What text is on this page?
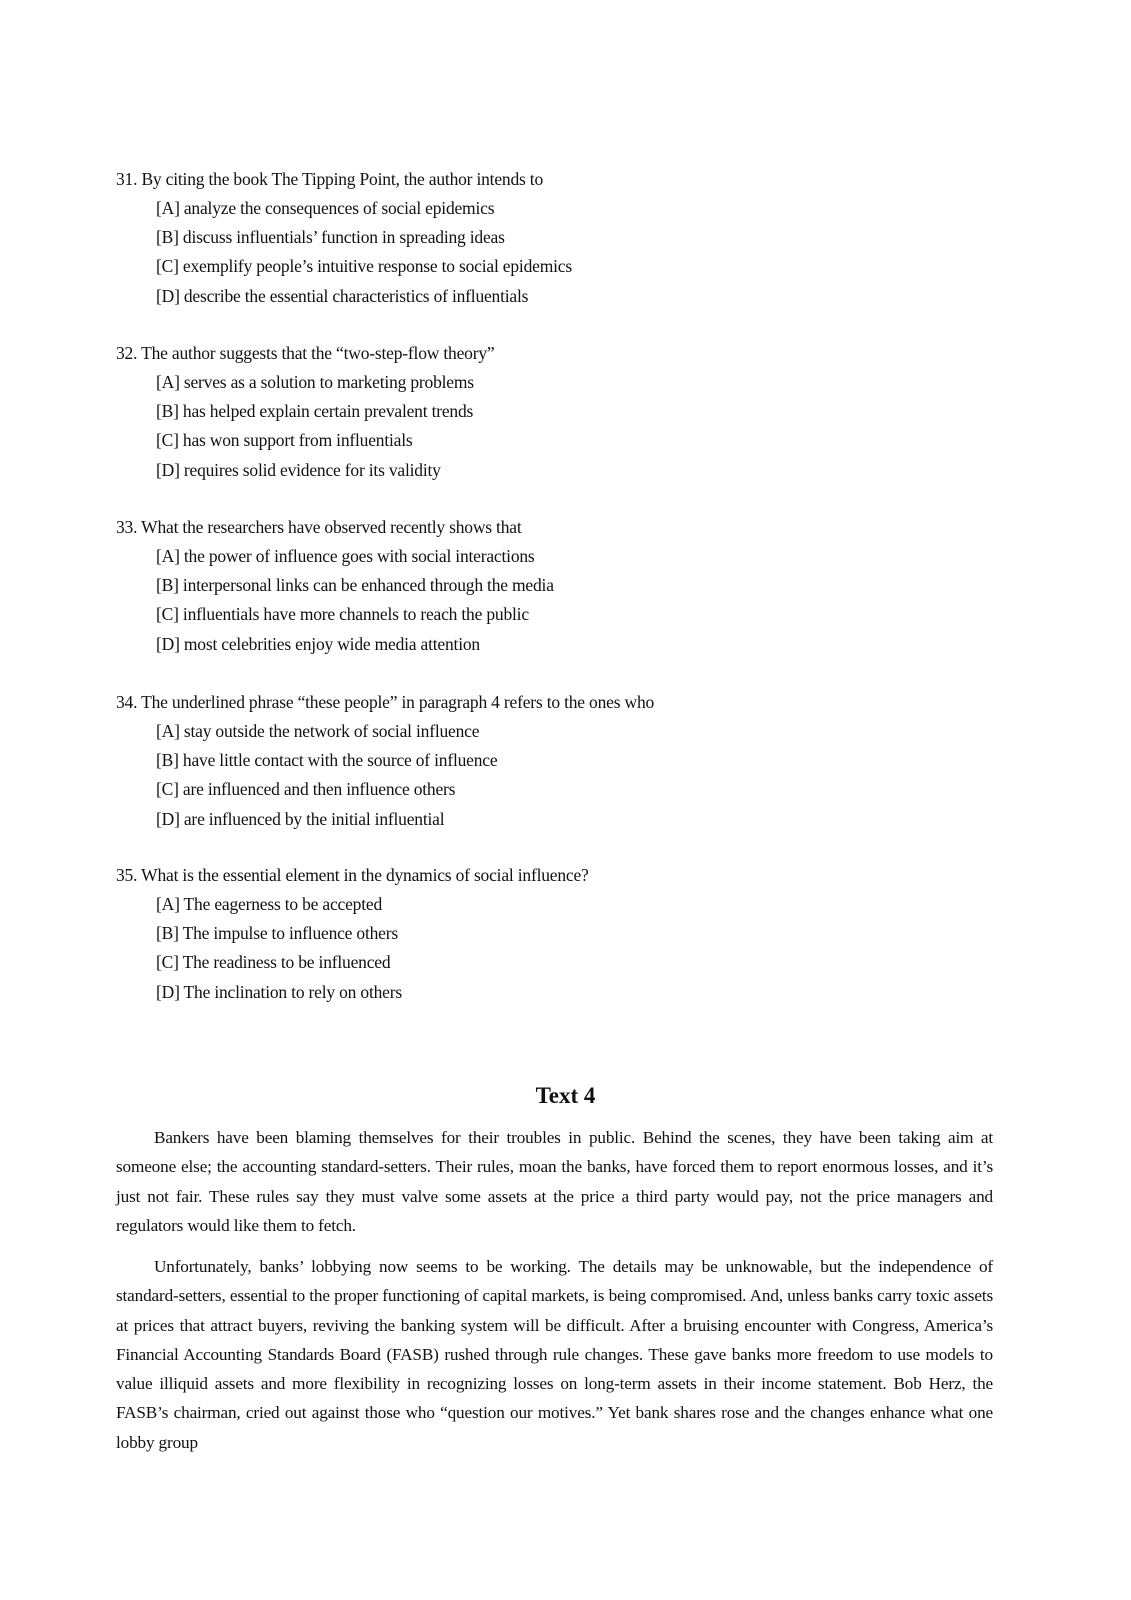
31. By citing the book The Tipping Point, the author intends to
[A] analyze the consequences of social epidemics
[B] discuss influentials’ function in spreading ideas
[C] exemplify people’s intuitive response to social epidemics
[D] describe the essential characteristics of influentials
32. The author suggests that the “two-step-flow theory”
[A] serves as a solution to marketing problems
[B] has helped explain certain prevalent trends
[C] has won support from influentials
[D] requires solid evidence for its validity
33. What the researchers have observed recently shows that
[A] the power of influence goes with social interactions
[B] interpersonal links can be enhanced through the media
[C] influentials have more channels to reach the public
[D] most celebrities enjoy wide media attention
34. The underlined phrase “these people” in paragraph 4 refers to the ones who
[A] stay outside the network of social influence
[B] have little contact with the source of influence
[C] are influenced and then influence others
[D] are influenced by the initial influential
35. What is the essential element in the dynamics of social influence?
[A] The eagerness to be accepted
[B] The impulse to influence others
[C] The readiness to be influenced
[D] The inclination to rely on others
Text 4

Bankers have been blaming themselves for their troubles in public. Behind the scenes, they have been taking aim at someone else; the accounting standard-setters. Their rules, moan the banks, have forced them to report enormous losses, and it’s just not fair. These rules say they must valve some assets at the price a third party would pay, not the price managers and regulators would like them to fetch.

Unfortunately, banks’ lobbying now seems to be working. The details may be unknowable, but the independence of standard-setters, essential to the proper functioning of capital markets, is being compromised. And, unless banks carry toxic assets at prices that attract buyers, reviving the banking system will be difficult. After a bruising encounter with Congress, America’s Financial Accounting Standards Board (FASB) rushed through rule changes. These gave banks more freedom to use models to value illiquid assets and more flexibility in recognizing losses on long-term assets in their income statement. Bob Herz, the FASB’s chairman, cried out against those who “question our motives.” Yet bank shares rose and the changes enhance what one lobby group
